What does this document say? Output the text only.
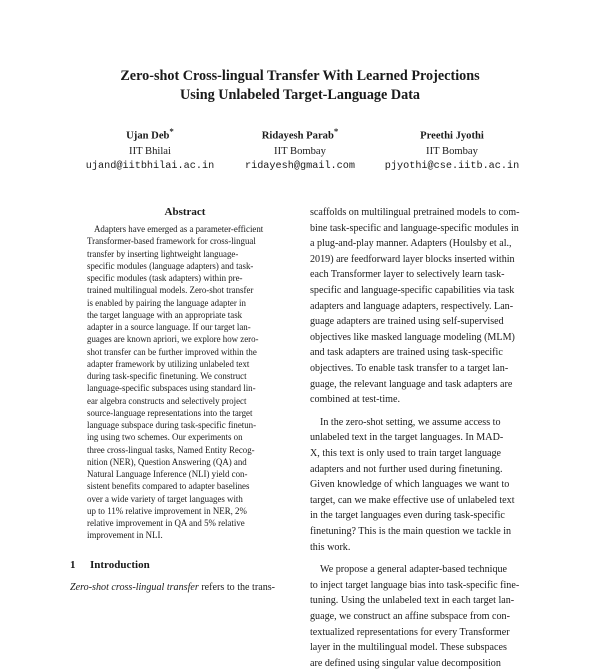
Zero-shot Cross-lingual Transfer With Learned Projections
Using Unlabeled Target-Language Data
Ujan Deb*
IIT Bhilai
ujand@iitbhilai.ac.in
Ridayesh Parab*
IIT Bombay
ridayesh@gmail.com
Preethi Jyothi
IIT Bombay
pjyothi@cse.iitb.ac.in
Abstract
Adapters have emerged as a parameter-efficient
Transformer-based framework for cross-lingual
transfer by inserting lightweight language-
specific modules (language adapters) and task-
specific modules (task adapters) within pre-
trained multilingual models. Zero-shot transfer
is enabled by pairing the language adapter in
the target language with an appropriate task
adapter in a source language. If our target lan-
guages are known apriori, we explore how zero-
shot transfer can be further improved within the
adapter framework by utilizing unlabeled text
during task-specific finetuning. We construct
language-specific subspaces using standard lin-
ear algebra constructs and selectively project
source-language representations into the target
language subspace during task-specific finetun-
ing using two schemes. Our experiments on
three cross-lingual tasks, Named Entity Recog-
nition (NER), Question Answering (QA) and
Natural Language Inference (NLI) yield con-
sistent benefits compared to adapter baselines
over a wide variety of target languages with
up to 11% relative improvement in NER, 2%
relative improvement in QA and 5% relative
improvement in NLI.
scaffolds on multilingual pretrained models to com-
bine task-specific and language-specific modules in
a plug-and-play manner. Adapters (Houlsby et al.,
2019) are feedforward layer blocks inserted within
each Transformer layer to selectively learn task-
specific and language-specific capabilities via task
adapters and language adapters, respectively. Lan-
guage adapters are trained using self-supervised
objectives like masked language modeling (MLM)
and task adapters are trained using task-specific
objectives. To enable task transfer to a target lan-
guage, the relevant language and task adapters are
combined at test-time.
In the zero-shot setting, we assume access to
unlabeled text in the target languages. In MAD-
X, this text is only used to train target language
adapters and not further used during finetuning.
Given knowledge of which languages we want to
target, can we make effective use of unlabeled text
in the target languages even during task-specific
finetuning? This is the main question we tackle in
this work.
We propose a general adapter-based technique
to inject target language bias into task-specific fine-
tuning. Using the unlabeled text in each target lan-
guage, we construct an affine subspace from con-
textualized representations for every Transformer
layer in the multilingual model. These subspaces
are defined using singular value decomposition
1 Introduction
Zero-shot cross-lingual transfer refers to the trans-
